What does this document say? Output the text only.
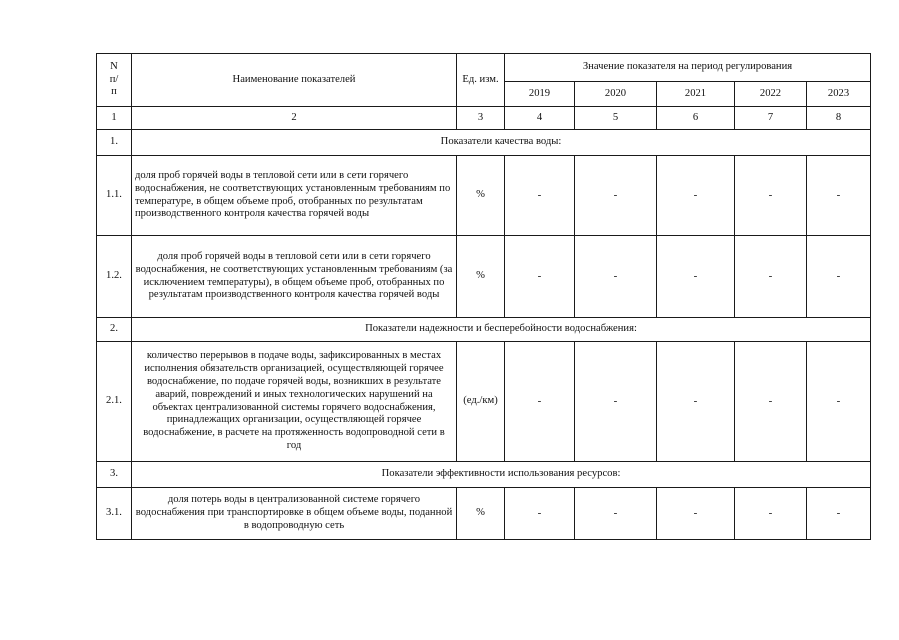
N п/п	Наименование показателей	Ед. изм.	Значение показателя на период регулирования				
			2019	2020	2021	2022	2023
1	2	3	4	5	6	7	8
1.	Показатели качества воды:						
1.1.	доля проб горячей воды в тепловой сети или в сети горячего водоснабжения, не соответствующих установленным требованиям по температуре, в общем объеме проб, отобранных по результатам производственного контроля качества горячей воды	%	-	-	-	-	-
1.2.	доля проб горячей воды в тепловой сети или в сети горячего водоснабжения, не соответствующих установленным требованиям (за исключением температуры), в общем объеме проб, отобранных по результатам производственного контроля качества горячей воды	%	-	-	-	-	-
2.	Показатели надежности и бесперебойности водоснабжения:						
2.1.	количество перерывов в подаче воды, зафиксированных в местах исполнения обязательств организацией, осуществляющей горячее водоснабжение, по подаче горячей воды, возникших в результате аварий, повреждений и иных технологических нарушений на объектах централизованной системы горячего водоснабжения, принадлежащих организации, осуществляющей горячее водоснабжение, в расчете на протяженность водопроводной сети в год	(ед./км)	-	-	-	-	-
3.	Показатели эффективности использования ресурсов:						
3.1.	доля потерь воды в централизованной системе горячего водоснабжения при транспортировке в общем объеме воды, поданной в водопроводную сеть	%	-	-	-	-	-
